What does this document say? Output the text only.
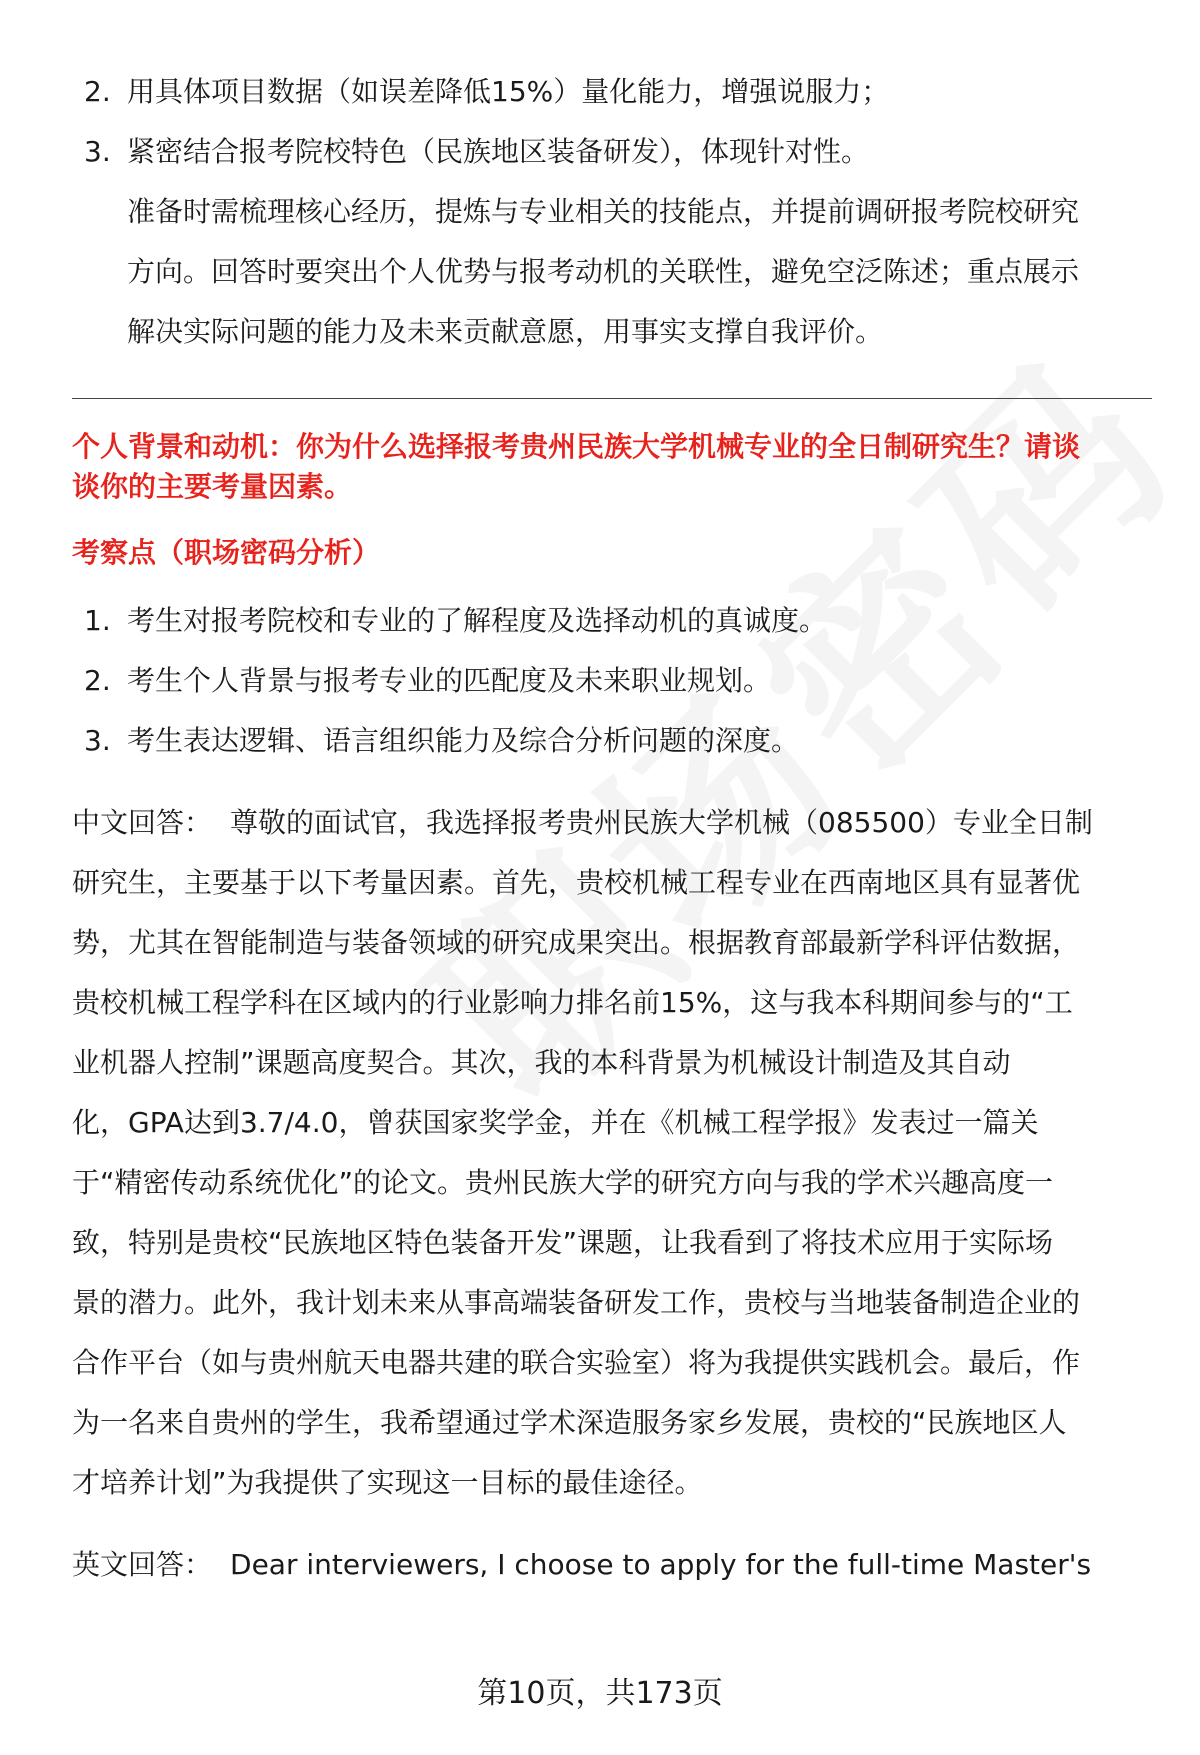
2. 用具体项目数据（如误差降低15%）量化能力，增强说服力；
3. 紧密结合报考院校特色（民族地区装备研发），体现针对性。
准备时需梳理核心经历，提炼与专业相关的技能点，并提前调研报考院校研究
方向。回答时要突出个人优势与报考动机的关联性，避免空泛陈述；重点展示
解决实际问题的能力及未来贡献意愿，用事实支撑自我评价。
个人背景和动机：你为什么选择报考贵州民族大学机械专业的全日制研究生？请谈
谈你的主要考量因素。
考察点（职场密码分析）
1. 考生对报考院校和专业的了解程度及选择动机的真诚度。
2. 考生个人背景与报考专业的匹配度及未来职业规划。
3. 考生表达逻辑、语言组织能力及综合分析问题的深度。
中文回答： 尊敬的面试官，我选择报考贵州民族大学机械（085500）专业全日制
研究生，主要基于以下考量因素。首先，贵校机械工程专业在西南地区具有显著优
势，尤其在智能制造与装备领域的研究成果突出。根据教育部最新学科评估数据，
贵校机械工程学科在区域内的行业影响力排名前15%，这与我本科期间参与的“工
业机器人控制”课题高度契合。其次，我的本科背景为机械设计制造及其自动
化，GPA达到3.7/4.0，曾获国家奖学金，并在《机械工程学报》发表过一篇关
于“精密传动系统优化”的论文。贵州民族大学的研究方向与我的学术兴趣高度一
致，特别是贵校“民族地区特色装备开发”课题，让我看到了将技术应用于实际场
景的潜力。此外，我计划未来从事高端装备研发工作，贵校与当地装备制造企业的
合作平台（如与贵州航天电器共建的联合实验室）将为我提供实践机会。最后，作
为一名来自贵州的学生，我希望通过学术深造服务家乡发展，贵校的“民族地区人
才培养计划”为我提供了实现这一目标的最佳途径。
英文回答： Dear interviewers, I choose to apply for the full-time Master's
第10页，共173页
